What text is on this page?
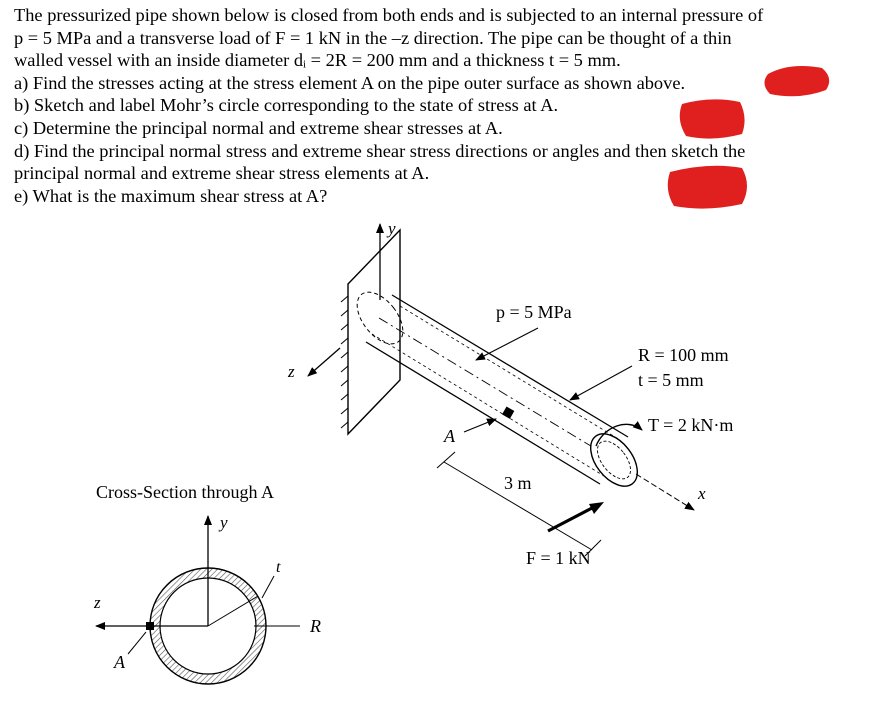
The pressurized pipe shown below is closed from both ends and is subjected to an internal pressure of

p = 5 MPa and a transverse load of F = 1 kN in the –z direction. The pipe can be thought of a thin

walled vessel with an inside diameter dᵢ = 2R = 200 mm and a thickness t = 5 mm.

a) Find the stresses acting at the stress element A on the pipe outer surface as shown above.

b) Sketch and label Mohr’s circle corresponding to the state of stress at A.

c) Determine the principal normal and extreme shear stresses at A.

d) Find the principal normal stress and extreme shear stress directions or angles and then sketch the

principal normal and extreme shear stress elements at A.

e) What is the maximum shear stress at A?

y
z
A
p = 5 MPa
R = 100 mm
t = 5 mm
T = 2 kN·m
x
3 m
F = 1 kN
Cross-Section through A
y
z
R
t
A
